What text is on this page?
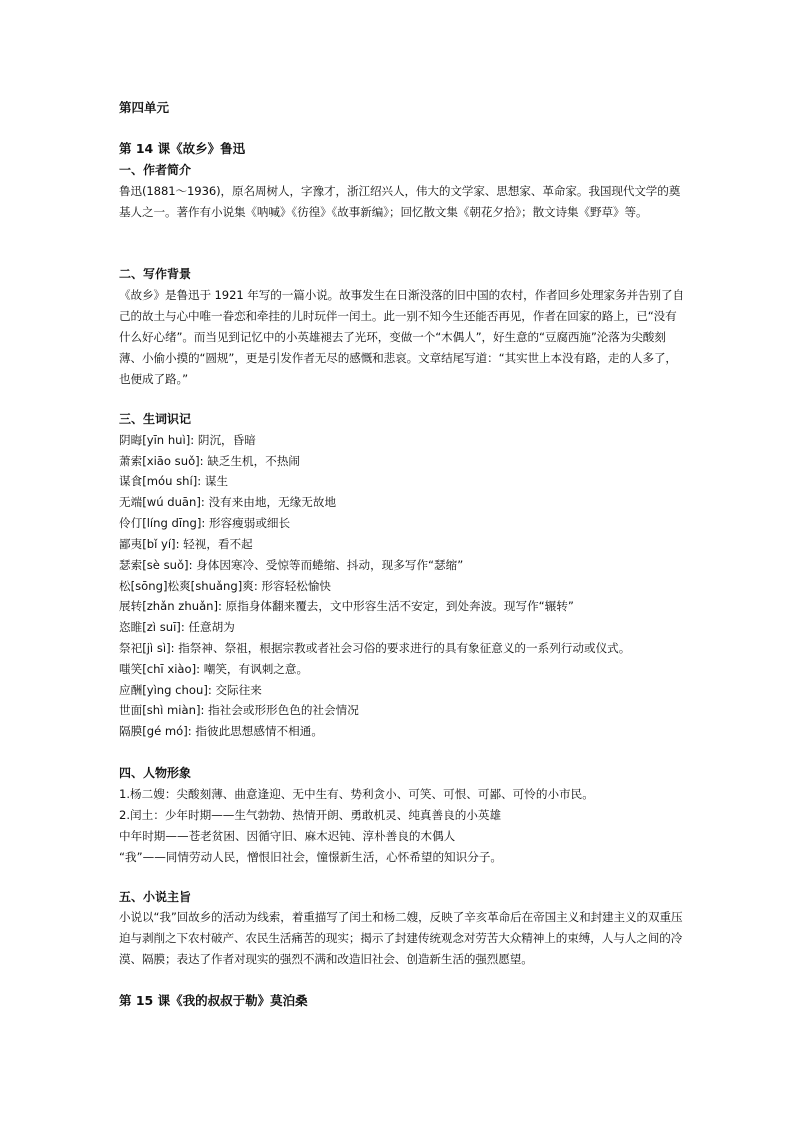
第四单元
第 14 课《故乡》鲁迅
一、作者简介
鲁迅(1881～1936)，原名周树人，字豫才，浙江绍兴人，伟大的文学家、思想家、革命家。我国现代文学的奠基人之一。著作有小说集《呐喊》《彷徨》《故事新编》；回忆散文集《朝花夕拾》；散文诗集《野草》等。
二、写作背景
《故乡》是鲁迅于 1921 年写的一篇小说。故事发生在日渐没落的旧中国的农村，作者回乡处理家务并告别了自己的故土与心中唯一眷恋和牵挂的儿时玩伴一闰土。此一别不知今生还能否再见，作者在回家的路上，已“没有什么好心绪”。而当见到记忆中的小英雄褪去了光环，变做一个“木偶人”，好生意的“豆腐西施”沦落为尖酸刻薄、小偷小摸的“圆规”，更是引发作者无尽的感慨和悲哀。文章结尾写道：“其实世上本没有路，走的人多了，也便成了路。”
三、生词识记
阴晦[yīn huì]: 阴沉，昏暗
萧索[xiāo suǒ]: 缺乏生机，不热闹
谋食[móu shí]: 谋生
无端[wú duān]: 没有来由地，无缘无故地
伶仃[líng dīng]: 形容瘦弱或细长
鄙夷[bǐ yí]: 轻视，看不起
瑟索[sè suǒ]: 身体因寒冷、受惊等而蜷缩、抖动，现多写作“瑟缩”
松[sōng]松爽[shuǎng]爽: 形容轻松愉快
展转[zhǎn zhuǎn]: 原指身体翻来覆去，文中形容生活不安定，到处奔波。现写作“辗转”
恣睢[zì suī]: 任意胡为
祭祀[jì sì]: 指祭神、祭祖，根据宗教或者社会习俗的要求进行的具有象征意义的一系列行动或仪式。
嗤笑[chī xiào]: 嘲笑，有讽刺之意。
应酬[yìng chou]: 交际往来
世面[shì miàn]: 指社会或形形色色的社会情况
隔膜[gé mó]: 指彼此思想感情不相通。
四、人物形象
1.杨二嫂：尖酸刻薄、曲意逢迎、无中生有、势利贪小、可笑、可恨、可鄙、可怜的小市民。
2.闰土：少年时期——生气勃勃、热情开朗、勇敢机灵、纯真善良的小英雄
中年时期——苍老贫困、因循守旧、麻木迟钝、淳朴善良的木偶人
“我”——同情劳动人民，憎恨旧社会，憧憬新生活，心怀希望的知识分子。
五、小说主旨
小说以“我”回故乡的活动为线索，着重描写了闰土和杨二嫂，反映了辛亥革命后在帝国主义和封建主义的双重压迫与剥削之下农村破产、农民生活痛苦的现实；揭示了封建传统观念对劳苦大众精神上的束缚，人与人之间的冷漠、隔膜；表达了作者对现实的强烈不满和改造旧社会、创造新生活的强烈愿望。
第 15 课《我的叔叔于勒》莫泊桑
